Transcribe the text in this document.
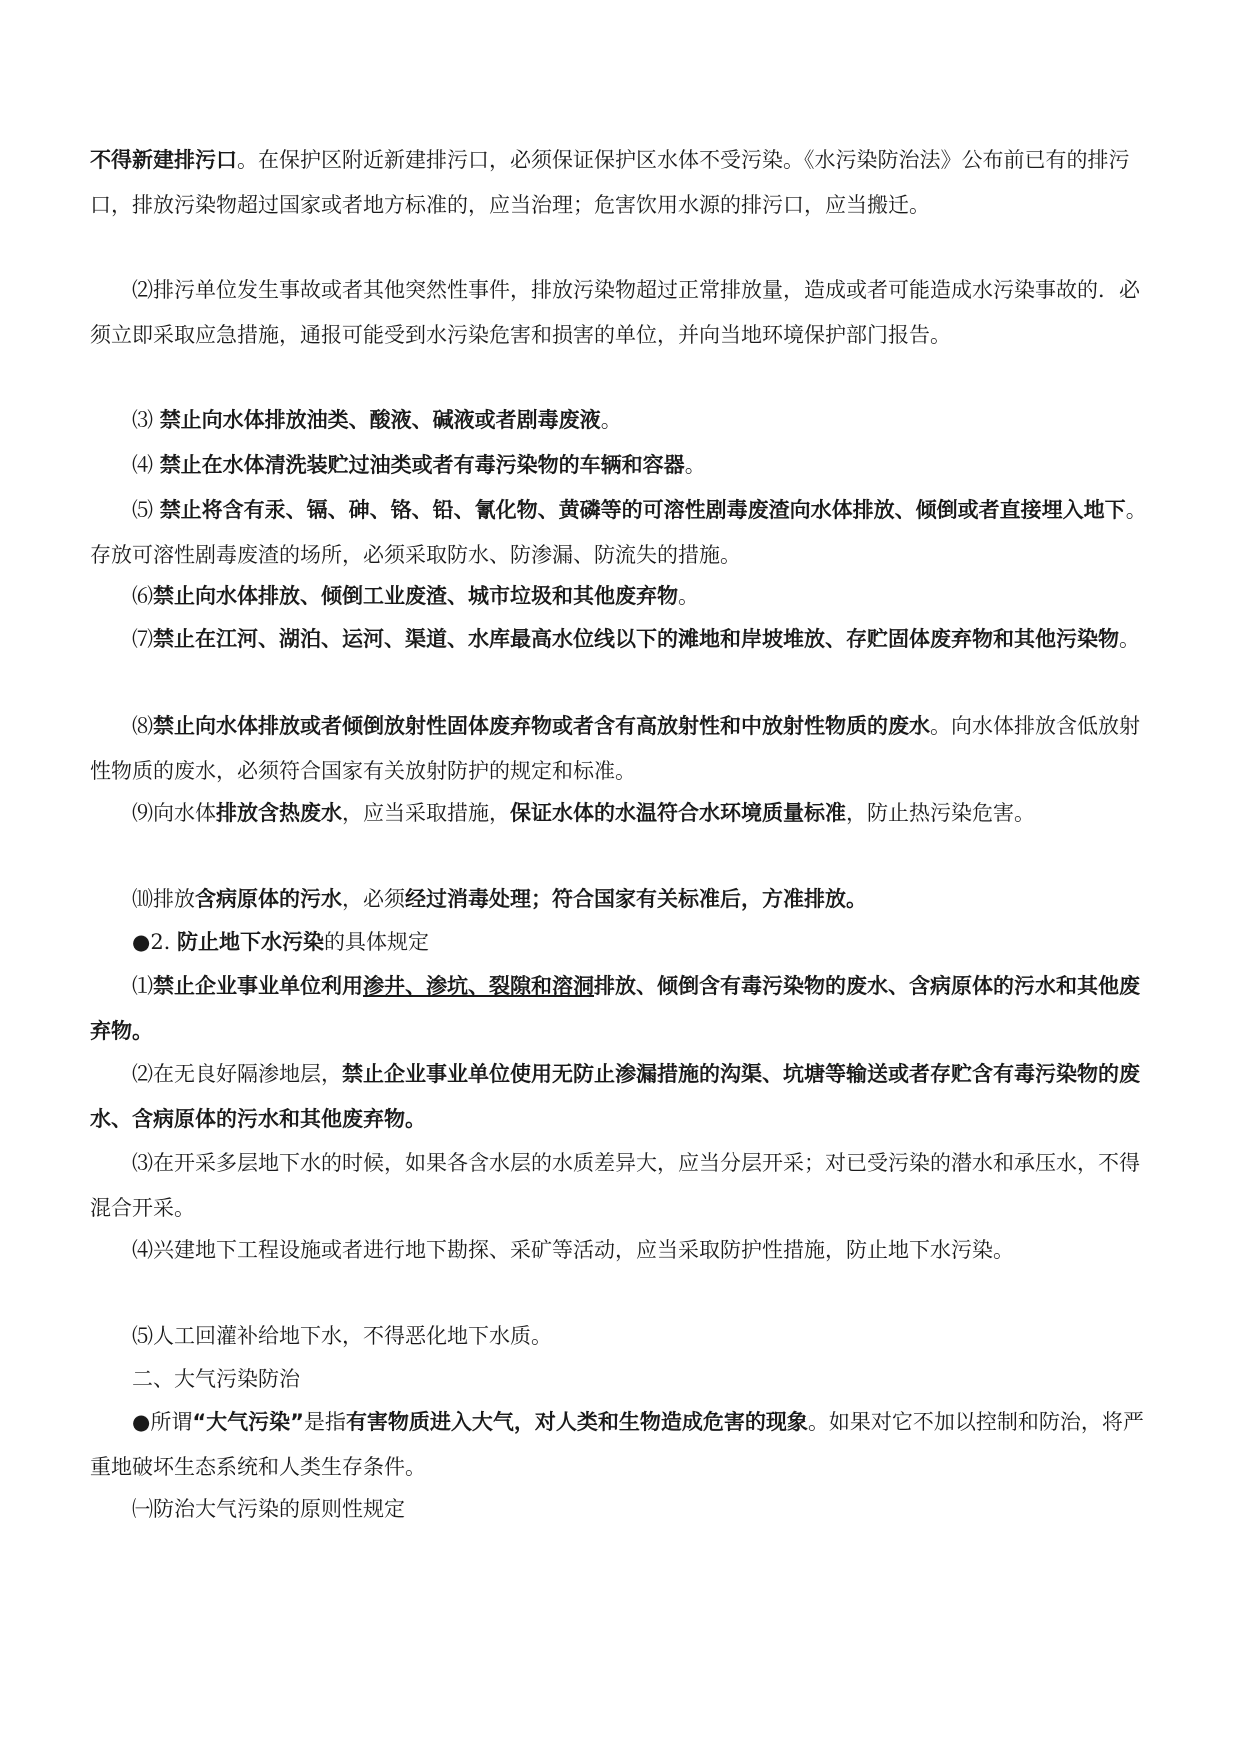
不得新建排污口。在保护区附近新建排污口，必须保证保护区水体不受污染。《水污染防治法》公布前已有的排污口，排放污染物超过国家或者地方标准的，应当治理；危害饮用水源的排污口，应当搬迁。

⑵排污单位发生事故或者其他突然性事件，排放污染物超过正常排放量，造成或者可能造成水污染事故的．必须立即采取应急措施，通报可能受到水污染危害和损害的单位，并向当地环境保护部门报告。

⑶ 禁止向水体排放油类、酸液、碱液或者剧毒废液。

⑷ 禁止在水体清洗装贮过油类或者有毒污染物的车辆和容器。

⑸ 禁止将含有汞、镉、砷、铬、铅、氰化物、黄磷等的可溶性剧毒废渣向水体排放、倾倒或者直接埋入地下。存放可溶性剧毒废渣的场所，必须采取防水、防渗漏、防流失的措施。

⑹禁止向水体排放、倾倒工业废渣、城市垃圾和其他废弃物。

⑺禁止在江河、湖泊、运河、渠道、水库最高水位线以下的滩地和岸坡堆放、存贮固体废弃物和其他污染物。

⑻禁止向水体排放或者倾倒放射性固体废弃物或者含有高放射性和中放射性物质的废水。向水体排放含低放射性物质的废水，必须符合国家有关放射防护的规定和标准。

⑼向水体排放含热废水，应当采取措施，保证水体的水温符合水环境质量标准，防止热污染危害。

⑽排放含病原体的污水，必须经过消毒处理；符合国家有关标准后，方准排放。

●2. 防止地下水污染的具体规定

⑴禁止企业事业单位利用渗井、渗坑、裂隙和溶洞排放、倾倒含有毒污染物的废水、含病原体的污水和其他废弃物。

⑵在无良好隔渗地层，禁止企业事业单位使用无防止渗漏措施的沟渠、坑塘等输送或者存贮含有毒污染物的废水、含病原体的污水和其他废弃物。

⑶在开采多层地下水的时候，如果各含水层的水质差异大，应当分层开采；对已受污染的潜水和承压水，不得混合开采。

⑷兴建地下工程设施或者进行地下勘探、采矿等活动，应当采取防护性措施，防止地下水污染。

⑸人工回灌补给地下水，不得恶化地下水质。

二、大气污染防治

●所谓“大气污染”是指有害物质进入大气，对人类和生物造成危害的现象。如果对它不加以控制和防治，将严重地破坏生态系统和人类生存条件。

㈠防治大气污染的原则性规定
